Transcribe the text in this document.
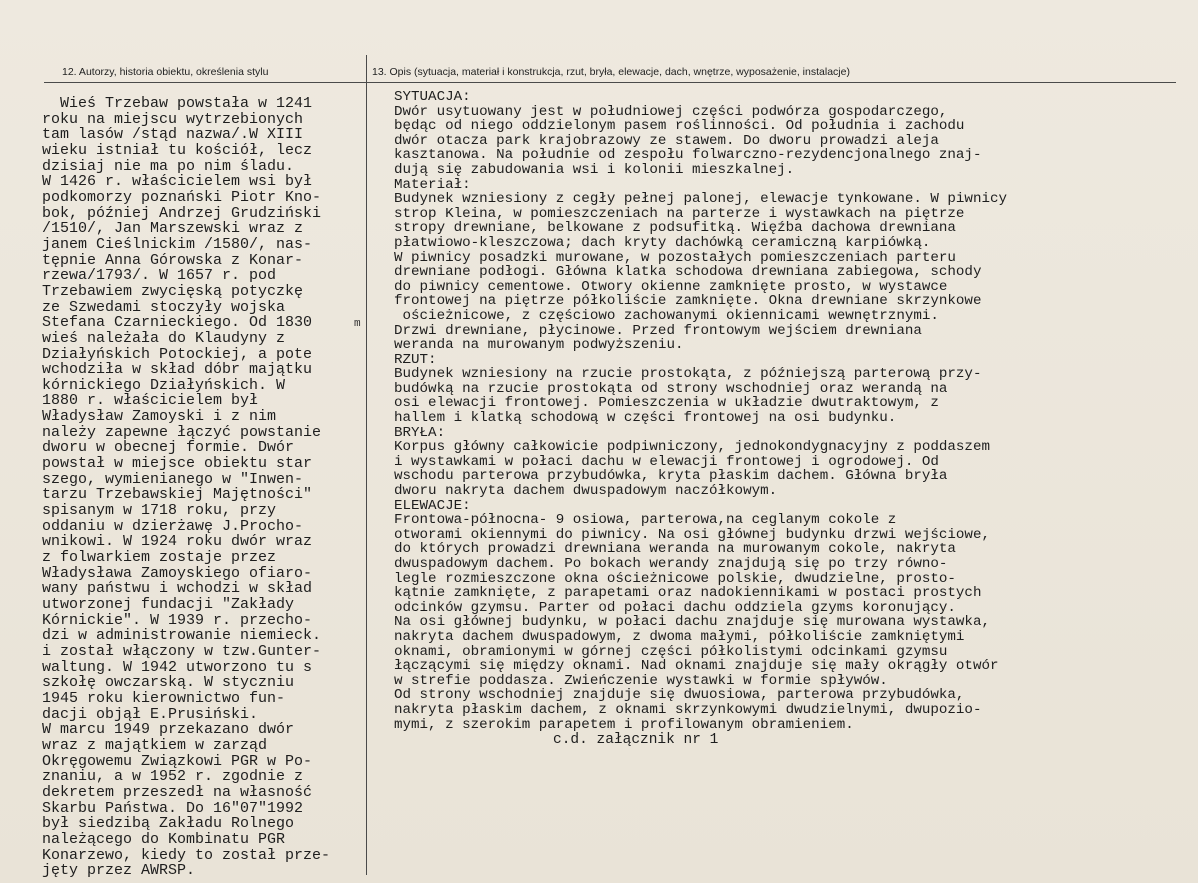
12. Autorzy, historia obiektu, określenia stylu	13. Opis (sytuacja, materiał i konstrukcja, rzut, bryła, elewacje, dach, wnętrze, wyposażenie, instalacje)
Wieś Trzebaw powstała w 1241
roku na miejscu wytrzebionych
tam lasów /stąd nazwa/.W XIII
wieku istniał tu kościół, lecz
dzisiaj nie ma po nim śladu.
W 1426 r. właścicielem wsi był
podkomorzy poznański Piotr Kno-
bok, później Andrzej Grudziński
/1510/, Jan Marszewski wraz z
janem Cieślnickim /1580/, nas-
tępnie Anna Górowska z Konar-
rzewa/1793/. W 1657 r. pod
Trzebawiem zwycięską potyczkę
ze Szwedami stoczyły wojska
Stefana Czarnieckiego. Od 1830
wieś należała do Klaudyny z
Działyńskich Potockiej, a pote
wchodziła w skład dóbr majątku
kórnickiego Działyńskich. W
1880 r. właścicielem był
Władysław Zamoyski i z nim
należy zapewne łączyć powstanie
dworu w obecnej formie. Dwór
powstał w miejsce obiektu star
szego, wymienianego w "Inwen-
tarzu Trzebawskiej Majętności"
spisanym w 1718 roku, przy
oddaniu w dzierżawę J.Procho-
wnikowi. W 1924 roku dwór wraz
z folwarkiem zostaje przez
Władysława Zamoyskiego ofiaro-
wany państwu i wchodzi w skład
utworzonej fundacji "Zakłady
Kórnickie". W 1939 r. przecho-
dzi w administrowanie niemieck.
i został włączony w tzw.Gunter-
waltung. W 1942 utworzono tu s
szkołę owczarską. W styczniu
1945 roku kierownictwo fun-
dacji objął E.Prusiński.
W marcu 1949 przekazano dwór
wraz z majątkiem w zarząd
Okręgowemu Związkowi PGR w Po-
znaniu, a w 1952 r. zgodnie z
dekretem przeszedł na własność
Skarbu Państwa. Do 16"07"1992
był siedzibą Zakładu Rolnego
należącego do Kombinatu PGR
Konarzewo, kiedy to został prze-
jęty przez AWRSP.
m
SYTUACJA:
Dwór usytuowany jest w południowej części podwórza gospodarczego,
będąc od niego oddzielonym pasem roślinności. Od południa i zachodu
dwór otacza park krajobrazowy ze stawem. Do dworu prowadzi aleja
kasztanowa. Na południe od zespołu folwarczno-rezydencjonalnego znaj-
dują się zabudowania wsi i kolonii mieszkalnej.
Materiał:
Budynek wzniesiony z cegły pełnej palonej, elewacje tynkowane. W piwnicy
strop Kleina, w pomieszczeniach na parterze i wystawkach na piętrze
stropy drewniane, belkowane z podsufitką. Więźba dachowa drewniana
płatwiowo-kleszczowa; dach kryty dachówką ceramiczną karpiówką.
W piwnicy posadzki murowane, w pozostałych pomieszczeniach parteru
drewniane podłogi. Główna klatka schodowa drewniana zabiegowa, schody
do piwnicy cementowe. Otwory okienne zamknięte prosto, w wystawce
frontowej na piętrze półkoliście zamknięte. Okna drewniane skrzynkowe
ościeżnicowe, z częściowo zachowanymi okiennicami wewnętrznymi.
Drzwi drewniane, płycinowe. Przed frontowym wejściem drewniana
weranda na murowanym podwyższeniu.
RZUT:
Budynek wzniesiony na rzucie prostokąta, z późniejszą parterową przy-
budówką na rzucie prostokąta od strony wschodniej oraz werandą na
osi elewacji frontowej. Pomieszczenia w układzie dwutraktowym, z
hallem i klatką schodową w części frontowej na osi budynku.
BRYŁA:
Korpus główny całkowicie podpiwniczony, jednokondygnacyjny z poddaszem
i wystawkami w połaci dachu w elewacji frontowej i ogrodowej. Od
wschodu parterowa przybudówka, kryta płaskim dachem. Główna bryła
dworu nakryta dachem dwuspadowym naczółkowym.
ELEWACJE:
Frontowa-północna- 9 osiowa, parterowa,na ceglanym cokole z
otworami okiennymi do piwnicy. Na osi głównej budynku drzwi wejściowe,
do których prowadzi drewniana weranda na murowanym cokole, nakryta
dwuspadowym dachem. Po bokach werandy znajdują się po trzy równo-
legle rozmieszczone okna ościeżnicowe polskie, dwudzielne, prosto-
kątnie zamknięte, z parapetami oraz nadokiennikami w postaci prostych
odcinków gzymsu. Parter od połaci dachu oddziela gzyms koronujący.
Na osi głównej budynku, w połaci dachu znajduje się murowana wystawka,
nakryta dachem dwuspadowym, z dwoma małymi, półkoliście zamkniętymi
oknami, obramionymi w górnej części półkolistymi odcinkami gzymsu
łączącymi się między oknami. Nad oknami znajduje się mały okrągły otwór
w strefie poddasza. Zwieńczenie wystawki w formie spływów.
Od strony wschodniej znajduje się dwuosiowa, parterowa przybudówka,
nakryta płaskim dachem, z oknami skrzynkowymi dwudzielnymi, dwupozio-
mymi, z szerokim parapetem i profilowanym obramieniem.
c.d. załącznik nr 1
